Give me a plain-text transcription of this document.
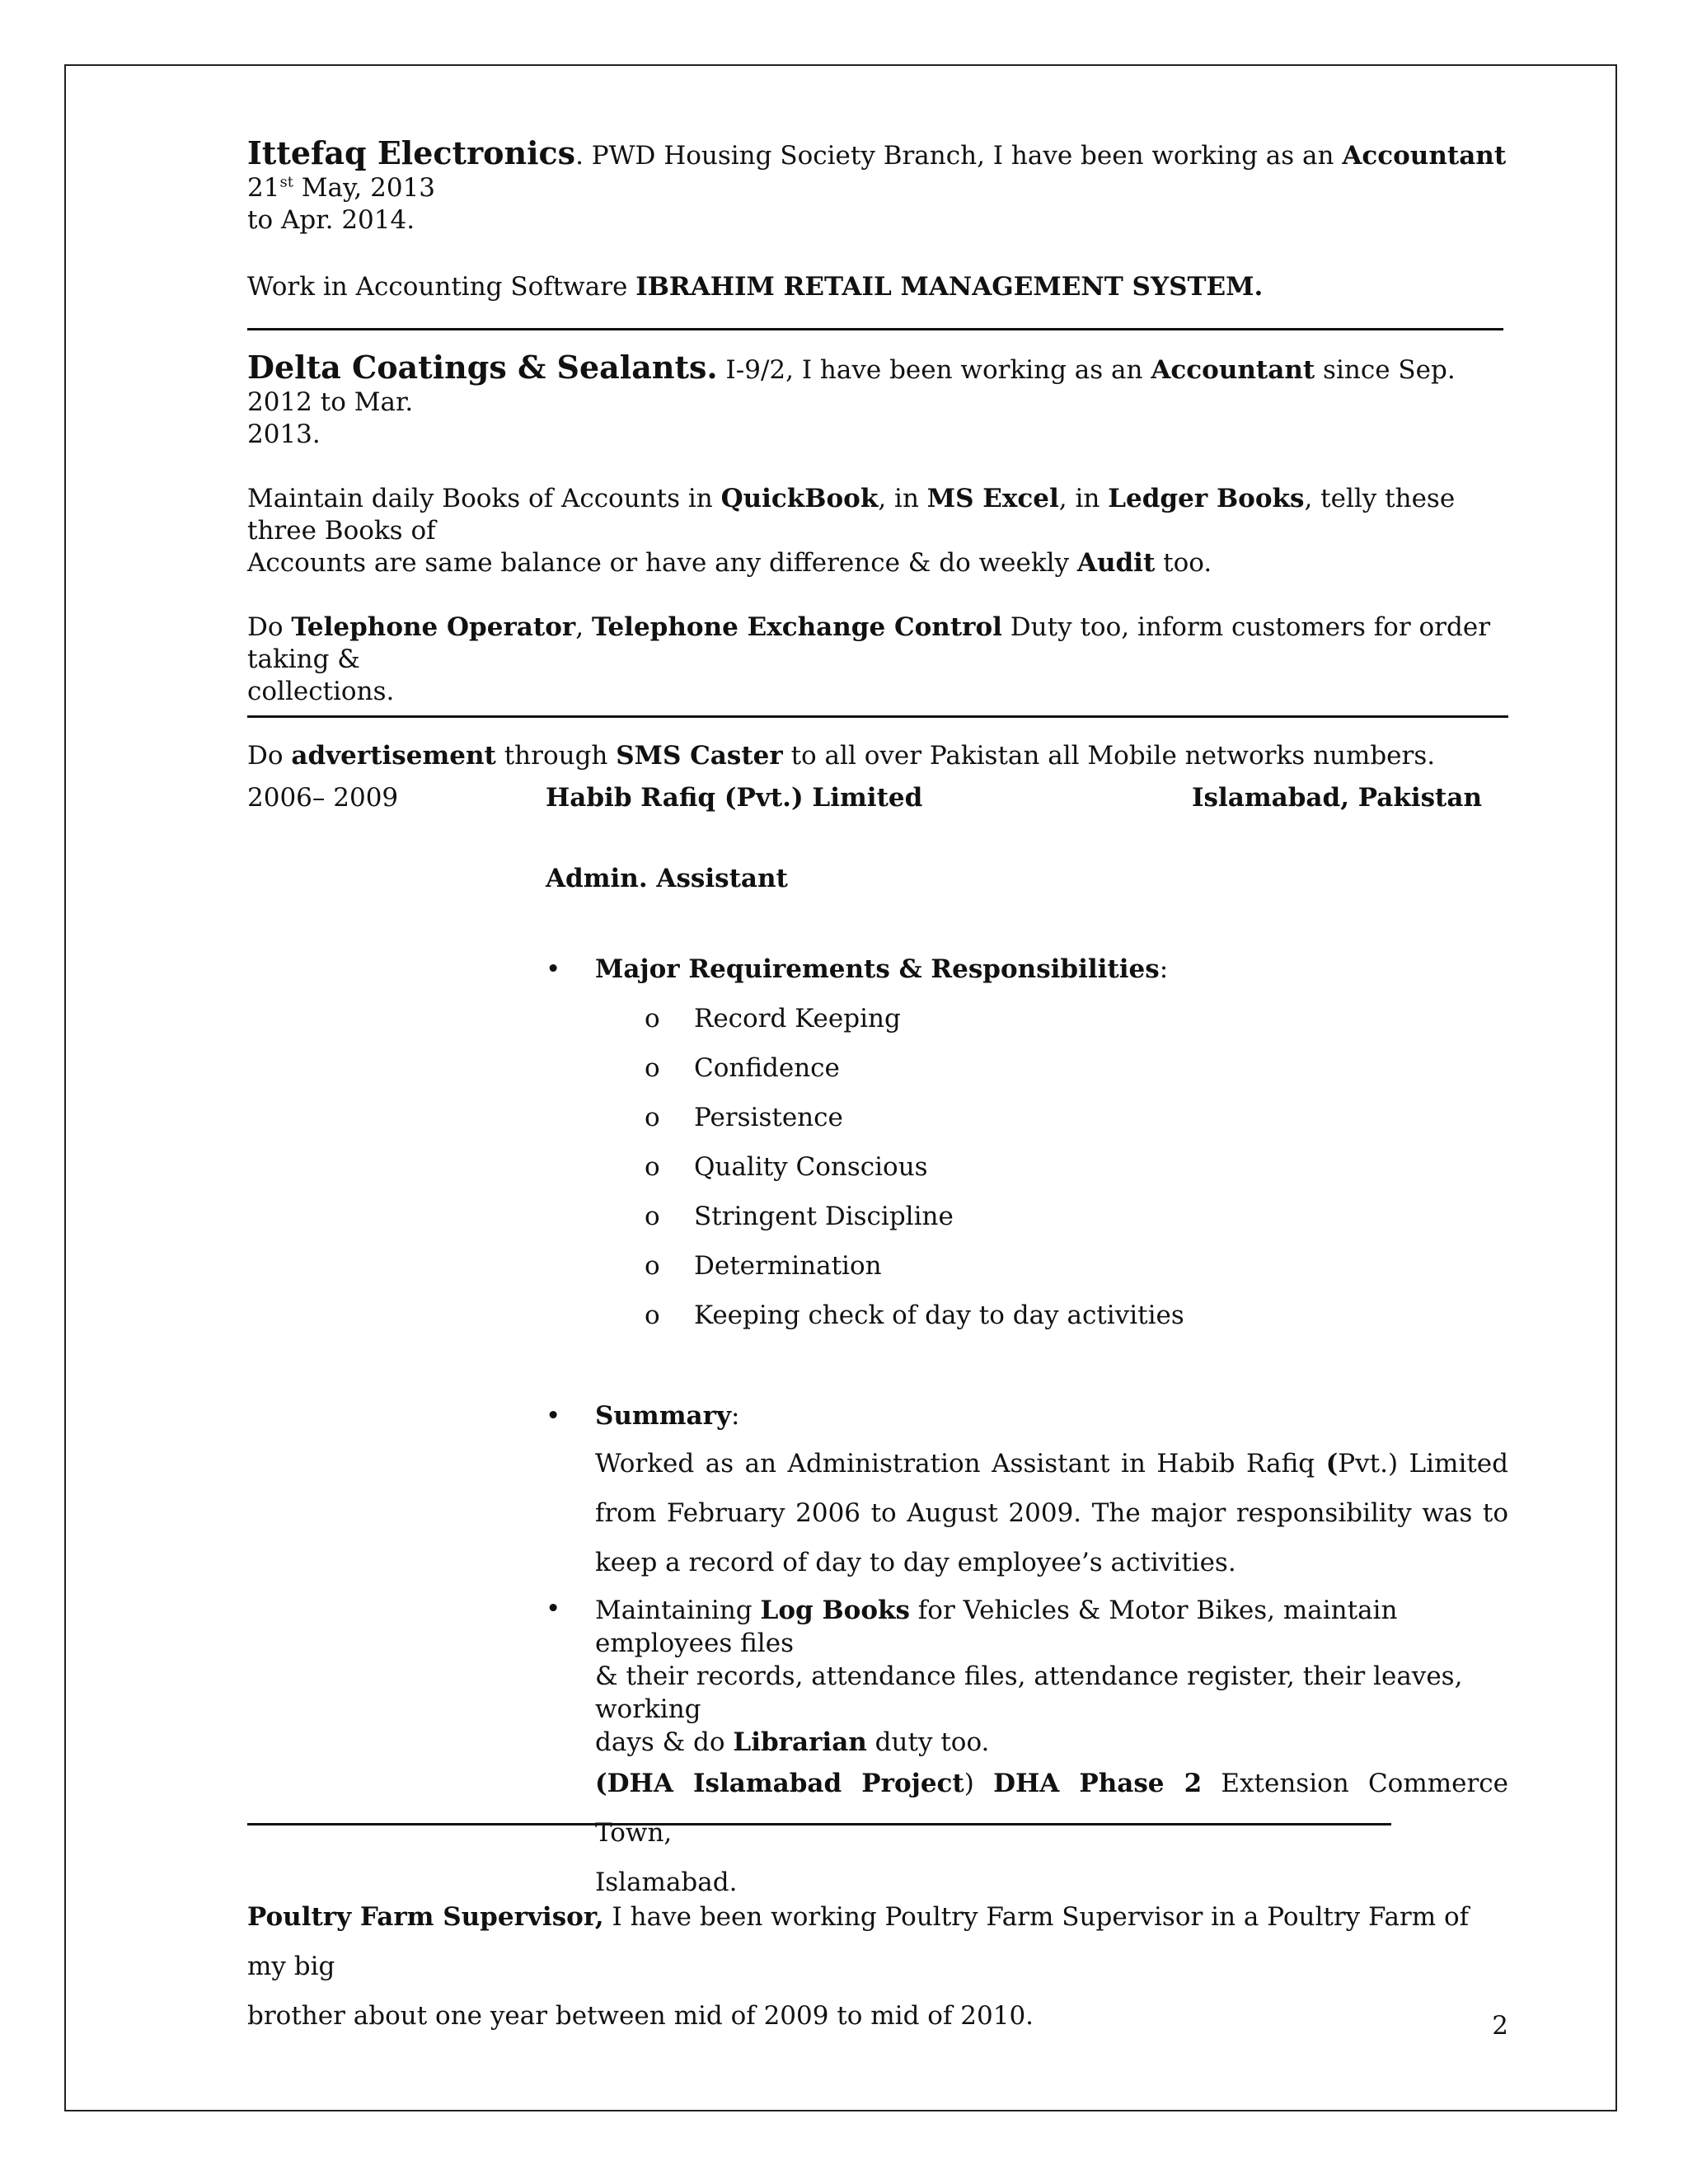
Ittefaq Electronics. PWD Housing Society Branch, I have been working as an Accountant 21st May, 2013

to Apr. 2014.

Work in Accounting Software IBRAHIM RETAIL MANAGEMENT SYSTEM.

Delta Coatings & Sealants. I-9/2, I have been working as an Accountant since Sep. 2012 to Mar.

2013.

Maintain daily Books of Accounts in QuickBook, in MS Excel, in Ledger Books, telly these three Books of
Accounts are same balance or have any difference & do weekly Audit too.

Do Telephone Operator, Telephone Exchange Control Duty too, inform customers for order taking &
collections.

Do advertisement through SMS Caster to all over Pakistan all Mobile networks numbers.

2006– 2009	Habib Rafiq (Pvt.) Limited	Islamabad, Pakistan
Admin. Assistant
• Major Requirements & Responsibilities:
o Record Keeping
o Confidence
o Persistence
o Quality Conscious
o Stringent Discipline
o Determination
o Keeping check of day to day activities
• Summary:
Worked as an Administration Assistant in Habib Rafiq (Pvt.) Limited from February 2006 to August 2009. The major responsibility was to keep a record of day to day employee’s activities.
• Maintaining Log Books for Vehicles & Motor Bikes, maintain employees files
& their records, attendance files, attendance register, their leaves, working
days & do Librarian duty too.
(DHA Islamabad Project) DHA Phase 2 Extension Commerce Town,
Islamabad.

Poultry Farm Supervisor, I have been working Poultry Farm Supervisor in a Poultry Farm of my big

brother about one year between mid of 2009 to mid of 2010.	2
